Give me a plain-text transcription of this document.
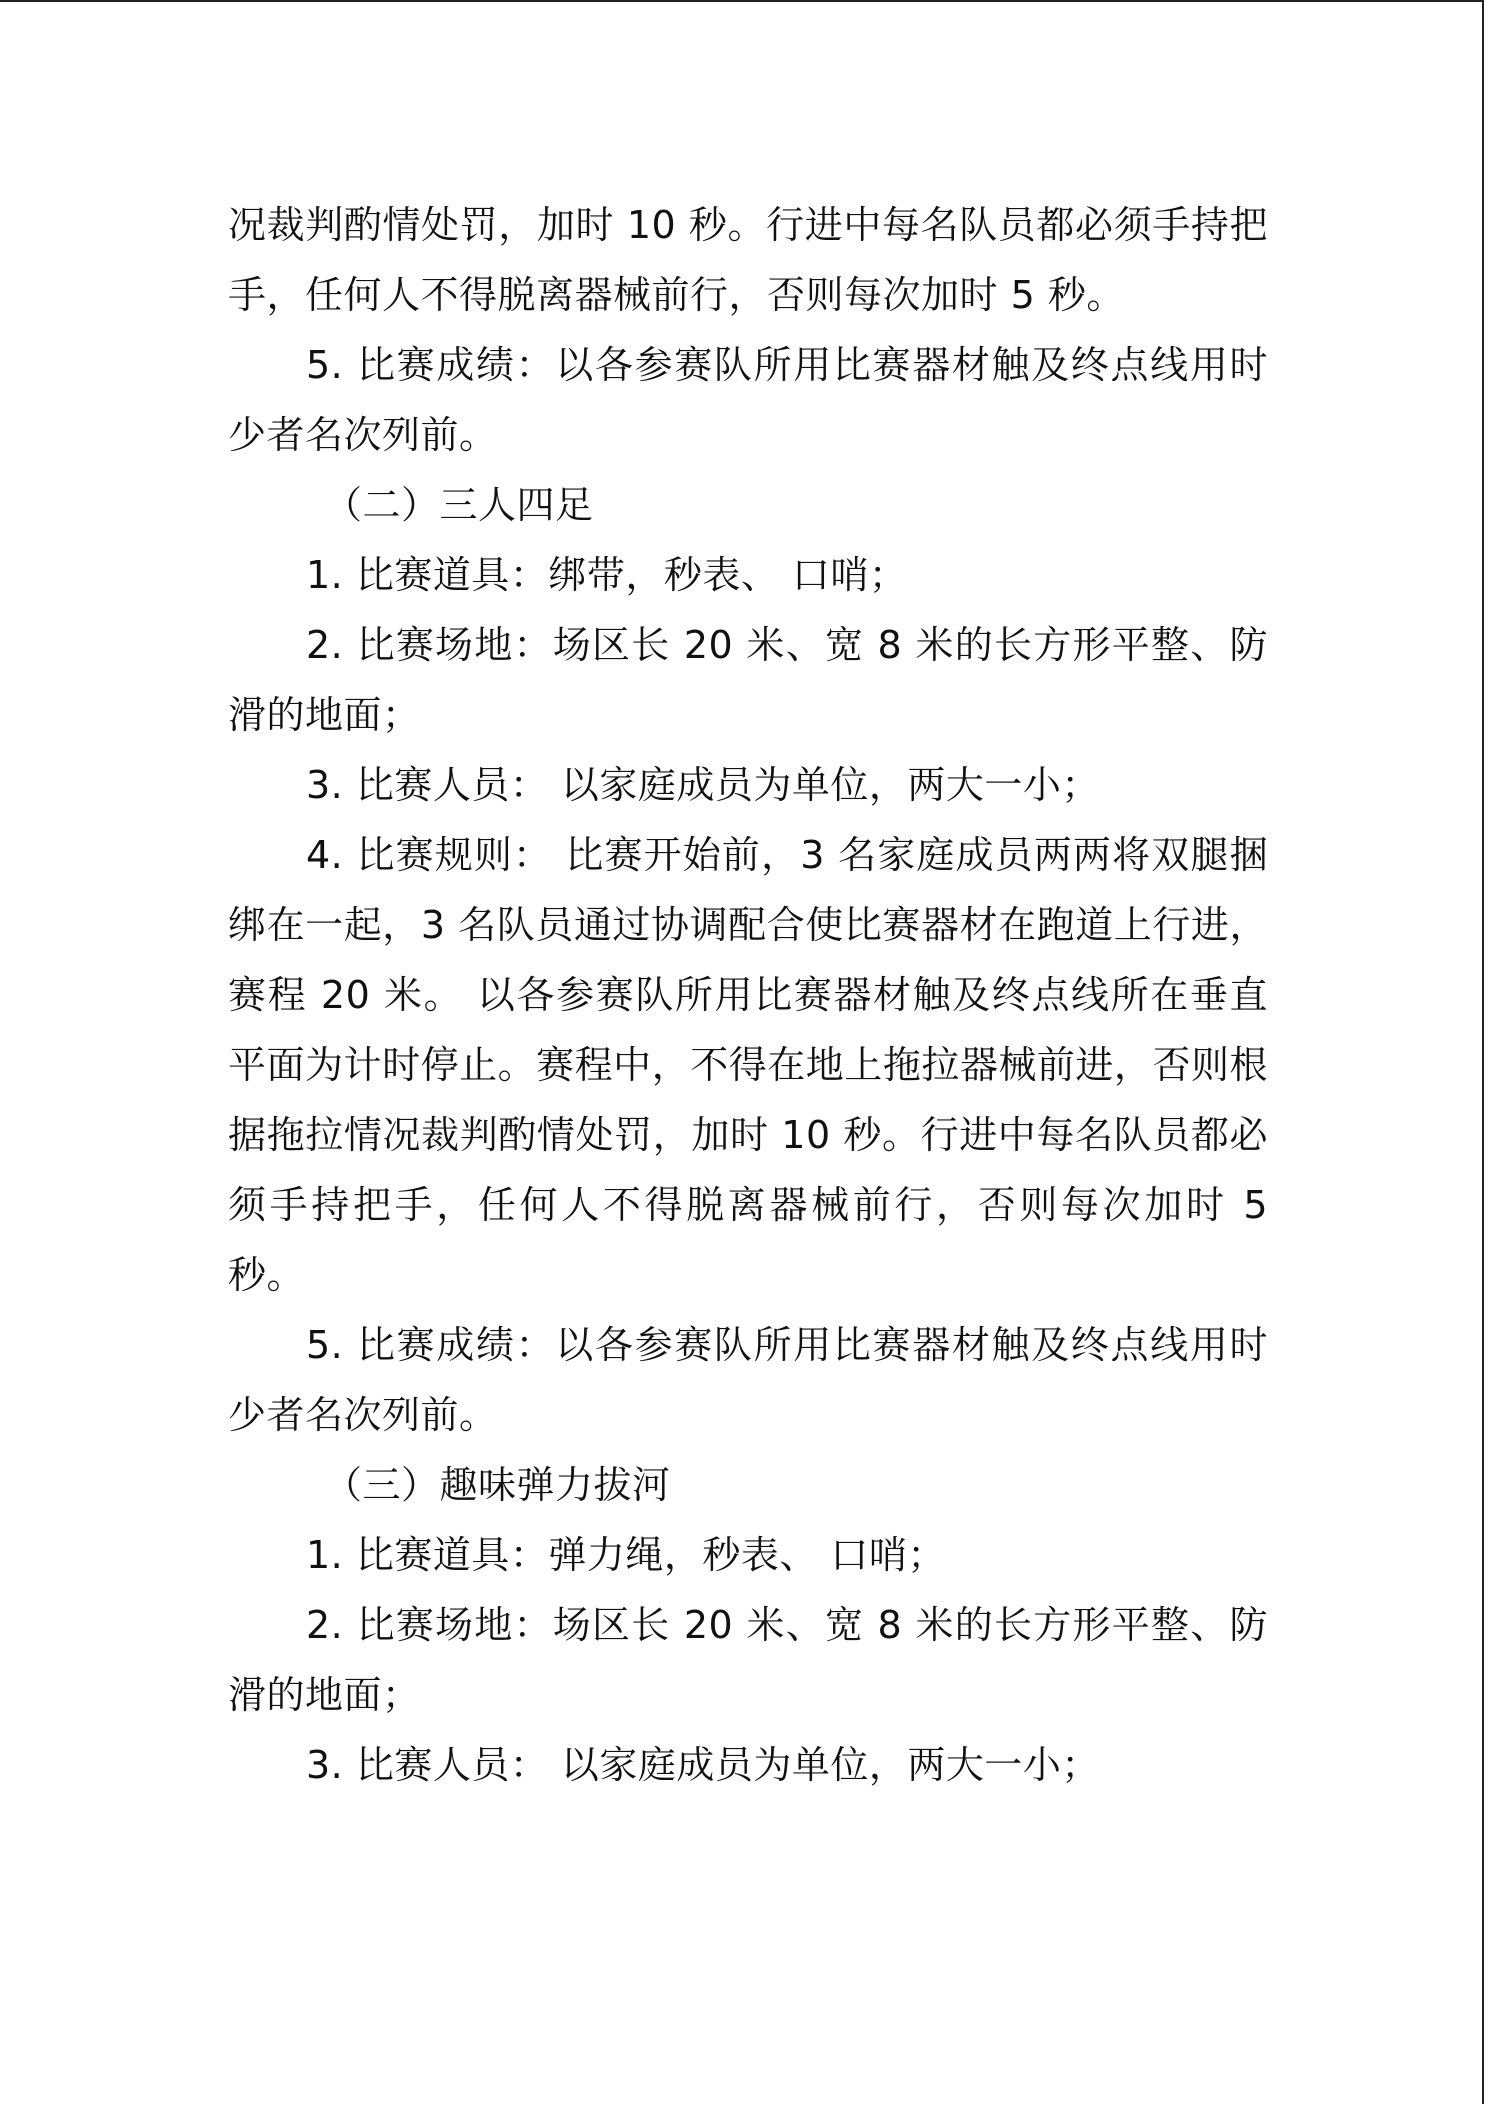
况裁判酌情处罚，加时 10 秒。行进中每名队员都必须手持把手，任何人不得脱离器械前行，否则每次加时 5 秒。

5. 比赛成绩：以各参赛队所用比赛器材触及终点线用时少者名次列前。

（二）三人四足

1. 比赛道具：绑带，秒表、 口哨；

2. 比赛场地：场区长 20 米、宽 8 米的长方形平整、防滑的地面；

3. 比赛人员： 以家庭成员为单位，两大一小；

4. 比赛规则： 比赛开始前，3 名家庭成员两两将双腿捆绑在一起，3 名队员通过协调配合使比赛器材在跑道上行进，赛程 20 米。 以各参赛队所用比赛器材触及终点线所在垂直平面为计时停止。赛程中，不得在地上拖拉器械前进，否则根据拖拉情况裁判酌情处罚，加时 10 秒。行进中每名队员都必须手持把手，任何人不得脱离器械前行，否则每次加时 5 秒。

5. 比赛成绩：以各参赛队所用比赛器材触及终点线用时少者名次列前。

（三）趣味弹力拔河

1. 比赛道具：弹力绳，秒表、 口哨；

2. 比赛场地：场区长 20 米、宽 8 米的长方形平整、防滑的地面；

3. 比赛人员： 以家庭成员为单位，两大一小；
